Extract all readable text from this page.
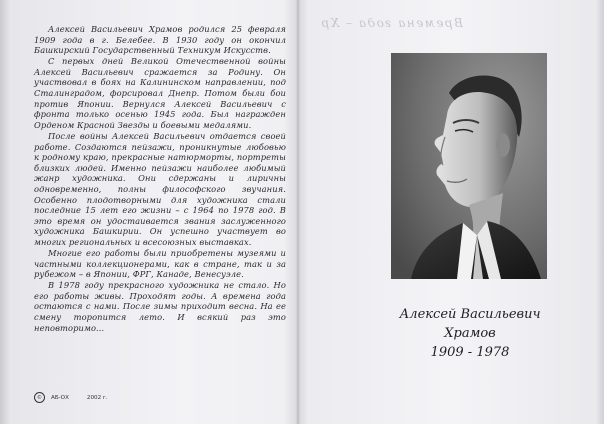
Алексей Васильевич Храмов родился 25 февраля 1909 года в г. Белебее. В 1930 году он окончил Башкирский Государственный Техникум Искусств.

С первых дней Великой Отечественной войны Алексей Васильевич сражается за Родину. Он участвовал в боях на Калининском направлении, под Сталинградом, форсировал Днепр. Потом были бои против Японии. Вернулся Алексей Васильевич с фронта только осенью 1945 года. Был награжден Орденом Красной Звезды и боевыми медалями.

После войны Алексей Васильевич отдается своей работе. Создаются пейзажи, проникнутые любовью к родному краю, прекрасные натюрморты, портреты близких людей. Именно пейзажи наиболее любимый жанр художника. Они сдержаны и лиричны одновременно, полны философского звучания. Особенно плодотворными для художника стали последние 15 лет его жизни – с 1964 по 1978 год. В это время он удостаивается звания заслуженного художника Башкирии. Он успешно участвует во многих региональных и всесоюзных выставках.

Многие его работы были приобретены музеями и частными коллекционерами, как в стране, так и за рубежом – в Японии, ФРГ, Канаде, Венесуэле.

В 1978 году прекрасного художника не стало. Но его работы живы. Проходят годы. А времена года остаются с нами. После зимы приходит весна. На ее смену торопится лето. И всякий раз это неповторимо...

©	АБ-ОХ	2002 г.
Времена года – Хр
Алексей Васильевич
Храмов
1909 - 1978
